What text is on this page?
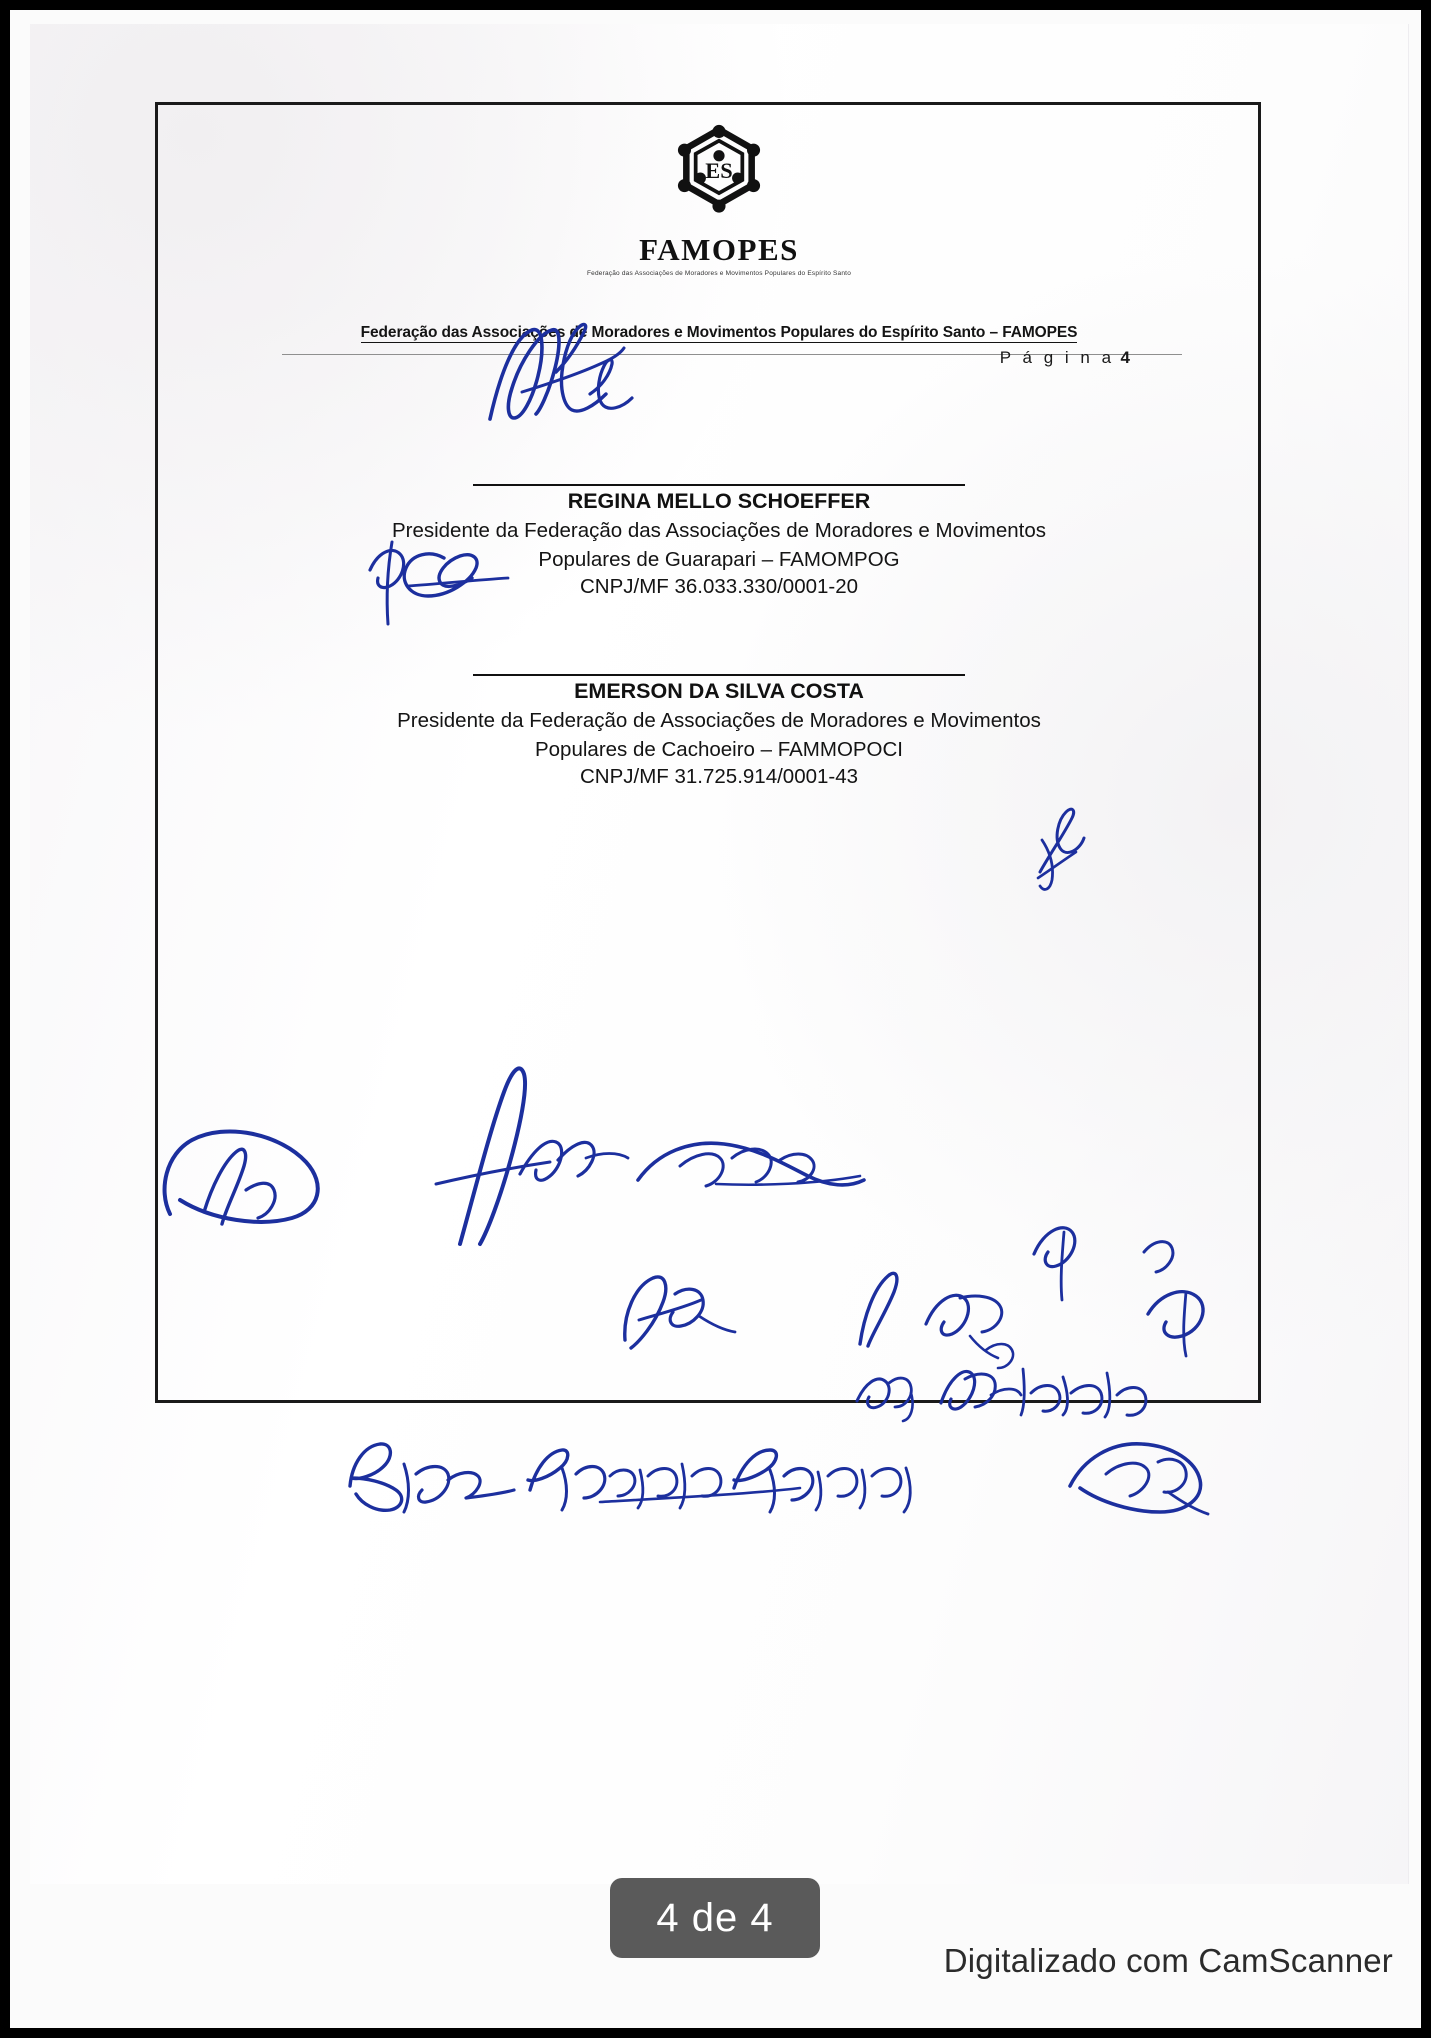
ES
FAMOPES
Federação das Associações de Moradores e Movimentos Populares do Espírito Santo
Federação das Associações de Moradores e Movimentos Populares do Espírito Santo – FAMOPES
P á g i n a 4
REGINA MELLO SCHOEFFER
Presidente da Federação das Associações de Moradores e Movimentos
Populares de Guarapari – FAMOMPOG
CNPJ/MF 36.033.330/0001-20
EMERSON DA SILVA COSTA
Presidente da Federação de Associações de Moradores e Movimentos
Populares de Cachoeiro – FAMMOPOCI
CNPJ/MF 31.725.914/0001-43
4 de 4
Digitalizado com CamScanner
